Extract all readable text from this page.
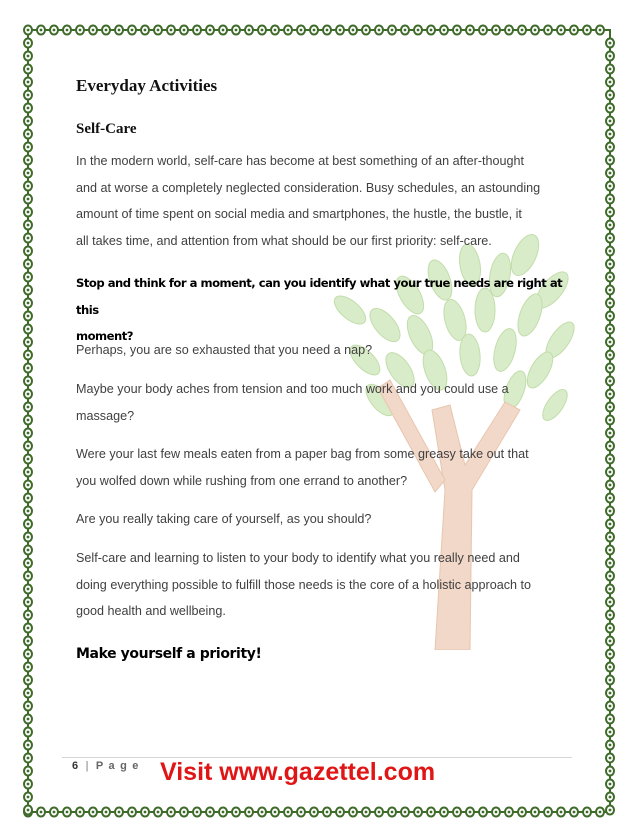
Everyday Activities
Self-Care
In the modern world, self-care has become at best something of an after-thought
and at worse a completely neglected consideration. Busy schedules, an astounding
amount of time spent on social media and smartphones, the hustle, the bustle, it
all takes time, and attention from what should be our first priority: self-care.
Stop and think for a moment, can you identify what your true needs are right at this
moment?
Perhaps, you are so exhausted that you need a nap?
Maybe your body aches from tension and too much work and you could use a
massage?
Were your last few meals eaten from a paper bag from some greasy take out that
you wolfed down while rushing from one errand to another?
Are you really taking care of yourself, as you should?
Self-care and learning to listen to your body to identify what you really need and
doing everything possible to fulfill those needs is the core of a holistic approach to
good health and wellbeing.
Make yourself a priority!
6 | P a g e Visit www.gazettel.com
